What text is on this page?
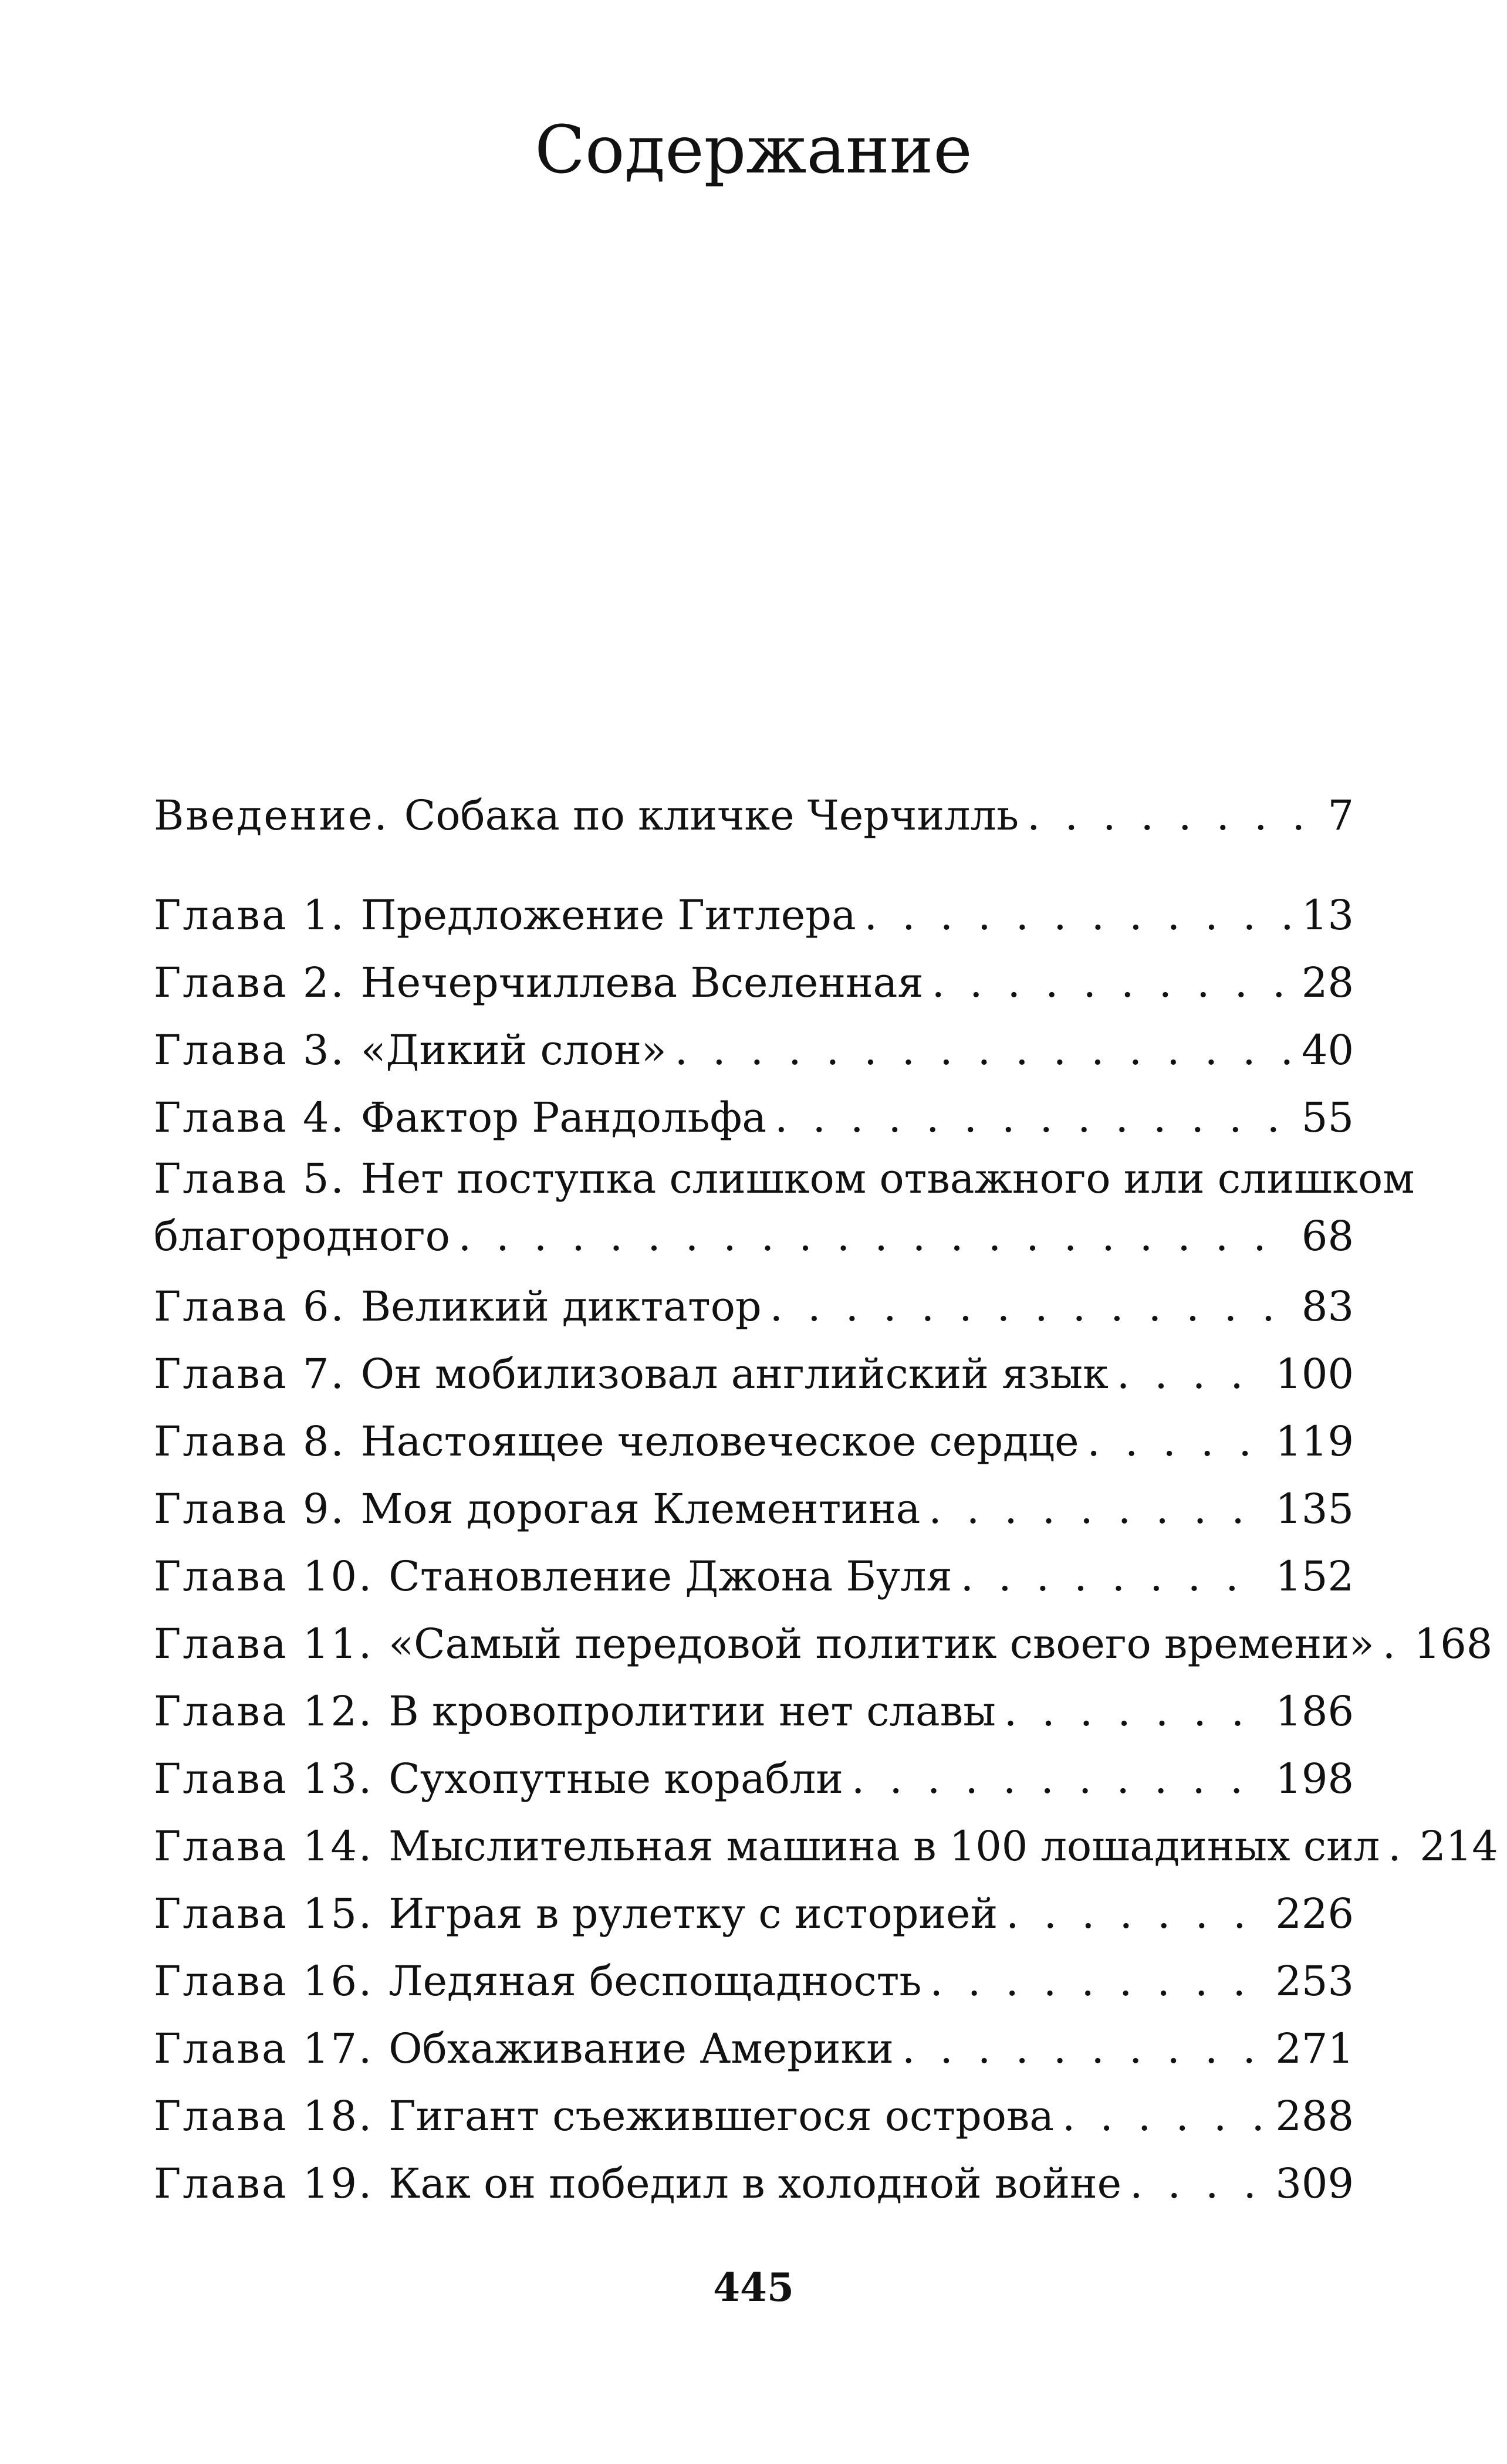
Содержание
Введение. Собака по кличке Черчилль . . .	7
Глава 1. Предложение Гитлера . . .	13
Глава 2. Нечерчиллева Вселенная . . .	28
Глава 3. «Дикий слон» . . .	40
Глава 4. Фактор Рандольфа . . .	55
Глава 5. Нет поступка слишком отважного или слишком
благородного . . .	68
Глава 6. Великий диктатор . . .	83
Глава 7. Он мобилизовал английский язык . . .	100
Глава 8. Настоящее человеческое сердце . . .	119
Глава 9. Моя дорогая Клементина . . .	135
Глава 10. Становление Джона Буля . . .	152
Глава 11. «Самый передовой политик своего времени» . . . 168
Глава 12. В кровопролитии нет славы . . .	186
Глава 13. Сухопутные корабли . . .	198
Глава 14. Мыслительная машина в 100 лошадиных сил . . . 214
Глава 15. Играя в рулетку с историей . . .	226
Глава 16. Ледяная беспощадность . . .	253
Глава 17. Обхаживание Америки . . .	271
Глава 18. Гигант съежившегося острова . . .	288
Глава 19. Как он победил в холодной войне . . .	309
445
